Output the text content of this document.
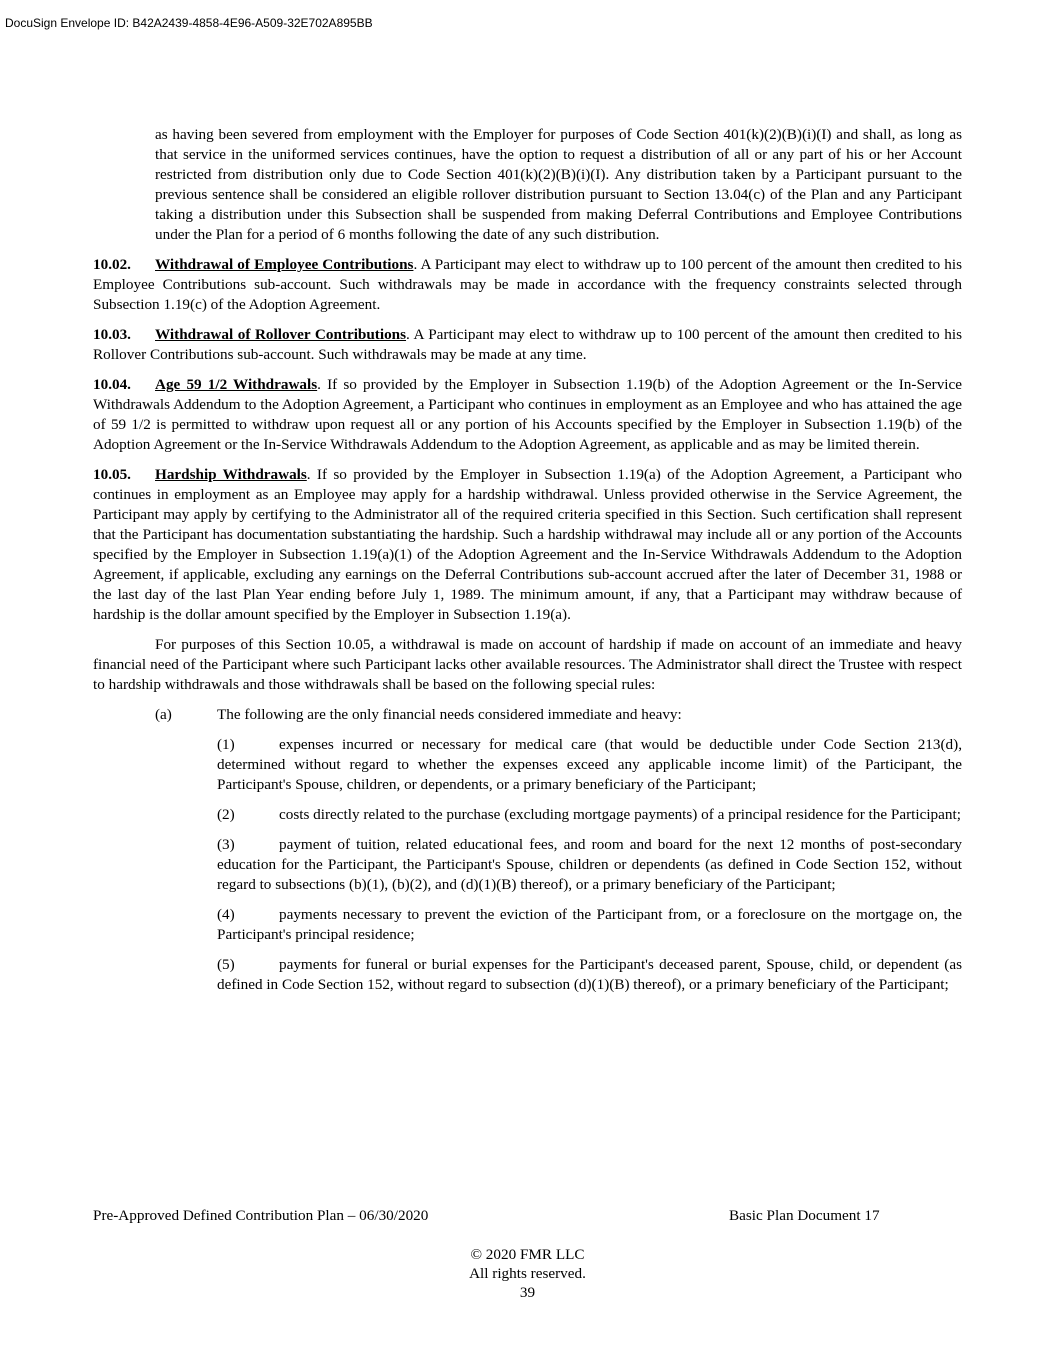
DocuSign Envelope ID: B42A2439-4858-4E96-A509-32E702A895BB

as having been severed from employment with the Employer for purposes of Code Section 401(k)(2)(B)(i)(I) and shall, as long as that service in the uniformed services continues, have the option to request a distribution of all or any part of his or her Account restricted from distribution only due to Code Section 401(k)(2)(B)(i)(I). Any distribution taken by a Participant pursuant to the previous sentence shall be considered an eligible rollover distribution pursuant to Section 13.04(c) of the Plan and any Participant taking a distribution under this Subsection shall be suspended from making Deferral Contributions and Employee Contributions under the Plan for a period of 6 months following the date of any such distribution.

10.02. Withdrawal of Employee Contributions. A Participant may elect to withdraw up to 100 percent of the amount then credited to his Employee Contributions sub-account. Such withdrawals may be made in accordance with the frequency constraints selected through Subsection 1.19(c) of the Adoption Agreement.

10.03. Withdrawal of Rollover Contributions. A Participant may elect to withdraw up to 100 percent of the amount then credited to his Rollover Contributions sub-account. Such withdrawals may be made at any time.

10.04. Age 59 1/2 Withdrawals. If so provided by the Employer in Subsection 1.19(b) of the Adoption Agreement or the In-Service Withdrawals Addendum to the Adoption Agreement, a Participant who continues in employment as an Employee and who has attained the age of 59 1/2 is permitted to withdraw upon request all or any portion of his Accounts specified by the Employer in Subsection 1.19(b) of the Adoption Agreement or the In-Service Withdrawals Addendum to the Adoption Agreement, as applicable and as may be limited therein.

10.05. Hardship Withdrawals. If so provided by the Employer in Subsection 1.19(a) of the Adoption Agreement, a Participant who continues in employment as an Employee may apply for a hardship withdrawal. Unless provided otherwise in the Service Agreement, the Participant may apply by certifying to the Administrator all of the required criteria specified in this Section. Such certification shall represent that the Participant has documentation substantiating the hardship. Such a hardship withdrawal may include all or any portion of the Accounts specified by the Employer in Subsection 1.19(a)(1) of the Adoption Agreement and the In-Service Withdrawals Addendum to the Adoption Agreement, if applicable, excluding any earnings on the Deferral Contributions sub-account accrued after the later of December 31, 1988 or the last day of the last Plan Year ending before July 1, 1989. The minimum amount, if any, that a Participant may withdraw because of hardship is the dollar amount specified by the Employer in Subsection 1.19(a).

For purposes of this Section 10.05, a withdrawal is made on account of hardship if made on account of an immediate and heavy financial need of the Participant where such Participant lacks other available resources. The Administrator shall direct the Trustee with respect to hardship withdrawals and those withdrawals shall be based on the following special rules:

(a)	The following are the only financial needs considered immediate and heavy:

(1)	expenses incurred or necessary for medical care (that would be deductible under Code Section 213(d), determined without regard to whether the expenses exceed any applicable income limit) of the Participant, the Participant's Spouse, children, or dependents, or a primary beneficiary of the Participant;

(2)	costs directly related to the purchase (excluding mortgage payments) of a principal residence for the Participant;

(3)	payment of tuition, related educational fees, and room and board for the next 12 months of post-secondary education for the Participant, the Participant's Spouse, children or dependents (as defined in Code Section 152, without regard to subsections (b)(1), (b)(2), and (d)(1)(B) thereof), or a primary beneficiary of the Participant;

(4)	payments necessary to prevent the eviction of the Participant from, or a foreclosure on the mortgage on, the Participant's principal residence;

(5)	payments for funeral or burial expenses for the Participant's deceased parent, Spouse, child, or dependent (as defined in Code Section 152, without regard to subsection (d)(1)(B) thereof), or a primary beneficiary of the Participant;

Pre-Approved Defined Contribution Plan – 06/30/2020	Basic Plan Document 17
© 2020 FMR LLC
All rights reserved.
39
